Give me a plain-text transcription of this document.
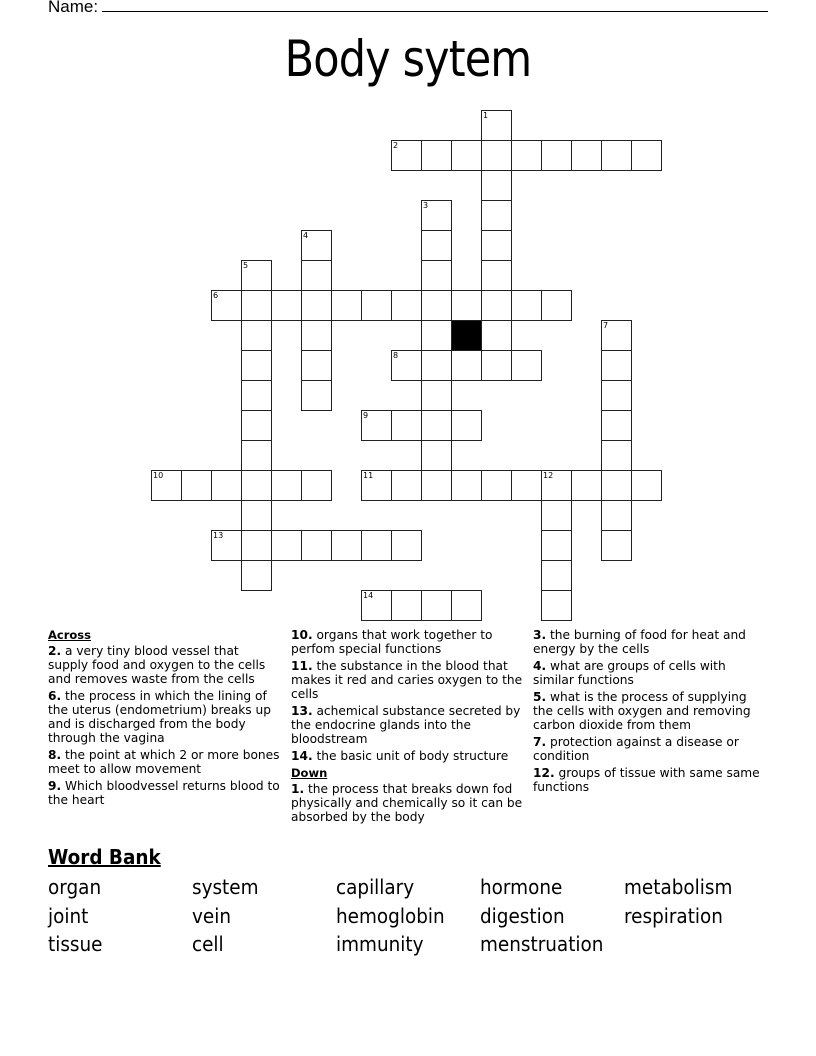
Name:
Body sytem
1
2
3
4
5
6
7
8
9
10	11	12
13
14
Across
2. a very tiny blood vessel that supply food and oxygen to the cells and removes waste from the cells
6. the process in which the lining of the uterus (endometrium) breaks up and is discharged from the body through the vagina
8. the point at which 2 or more bones meet to allow movement
9. Which bloodvessel returns blood to the heart
10. organs that work together to perfom special functions
11. the substance in the blood that makes it red and caries oxygen to the cells
13. achemical substance secreted by the endocrine glands into the bloodstream
14. the basic unit of body structure
Down
1. the process that breaks down fod physically and chemically so it can be absorbed by the body
3. the burning of food for heat and energy by the cells
4. what are groups of cells with similar functions
5. what is the process of supplying the cells with oxygen and removing carbon dioxide from them
7. protection against a disease or condition
12. groups of tissue with same same functions
Word Bank
organ	system	capillary	hormone	metabolism
joint	vein	hemoglobin	digestion	respiration
tissue	cell	immunity	menstruation
